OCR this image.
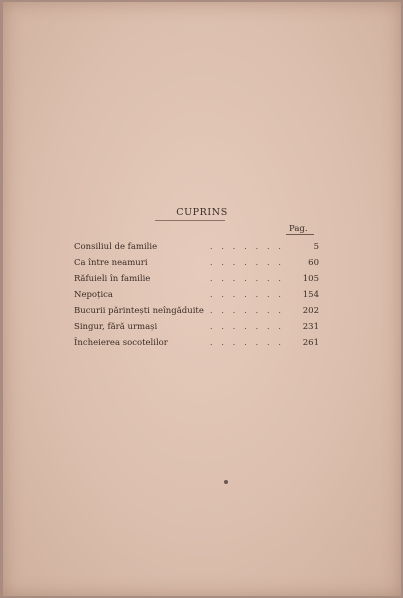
CUPRINS
Pag.
Consiliul de familie	. . . . . . .	5
Ca între neamuri	. . . . . . .	60
Răfuieli în familie	. . . . . . . 105
Nepoțica	. . . . . . . 154
Bucurii părintești neîngăduite . . . . . . . 202
Singur, fără urmași	. . . . . . . 231
Încheierea socotelilor	. . . . . . . 261
